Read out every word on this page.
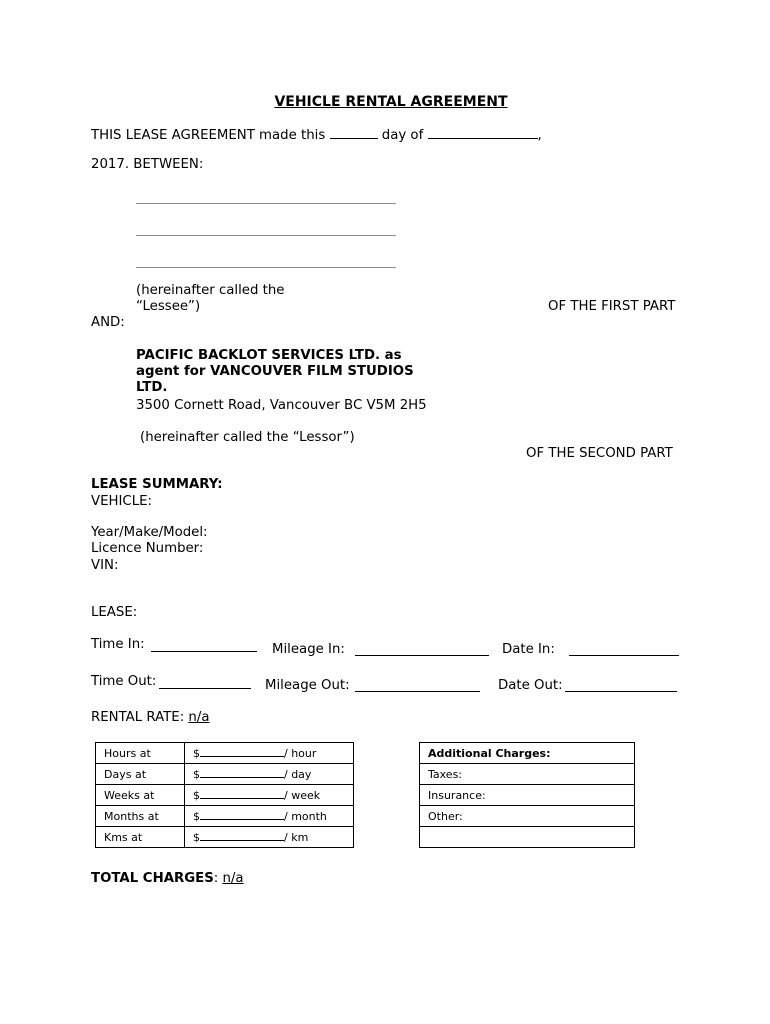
VEHICLE RENTAL AGREEMENT
THIS LEASE AGREEMENT made this	day of	,
2017. BETWEEN:
(hereinafter called the
“Lessee”)	OF THE FIRST PART
AND:
PACIFIC BACKLOT SERVICES LTD. as
agent for VANCOUVER FILM STUDIOS
LTD.
3500 Cornett Road, Vancouver BC V5M 2H5
(hereinafter called the “Lessor”)
OF THE SECOND PART
LEASE SUMMARY:
VEHICLE:
Year/Make/Model:
Licence Number:
VIN:
LEASE:
Time In:	Mileage In:	Date In:
Time Out:	Mileage Out:	Date Out:
RENTAL RATE: n/a
Hours at	$ / hour
Days at	$ / day
Weeks at	$ / week
Months at	$ / month
Kms at	$ / km
Additional Charges:
Taxes:
Insurance:
Other:

TOTAL CHARGES: n/a
